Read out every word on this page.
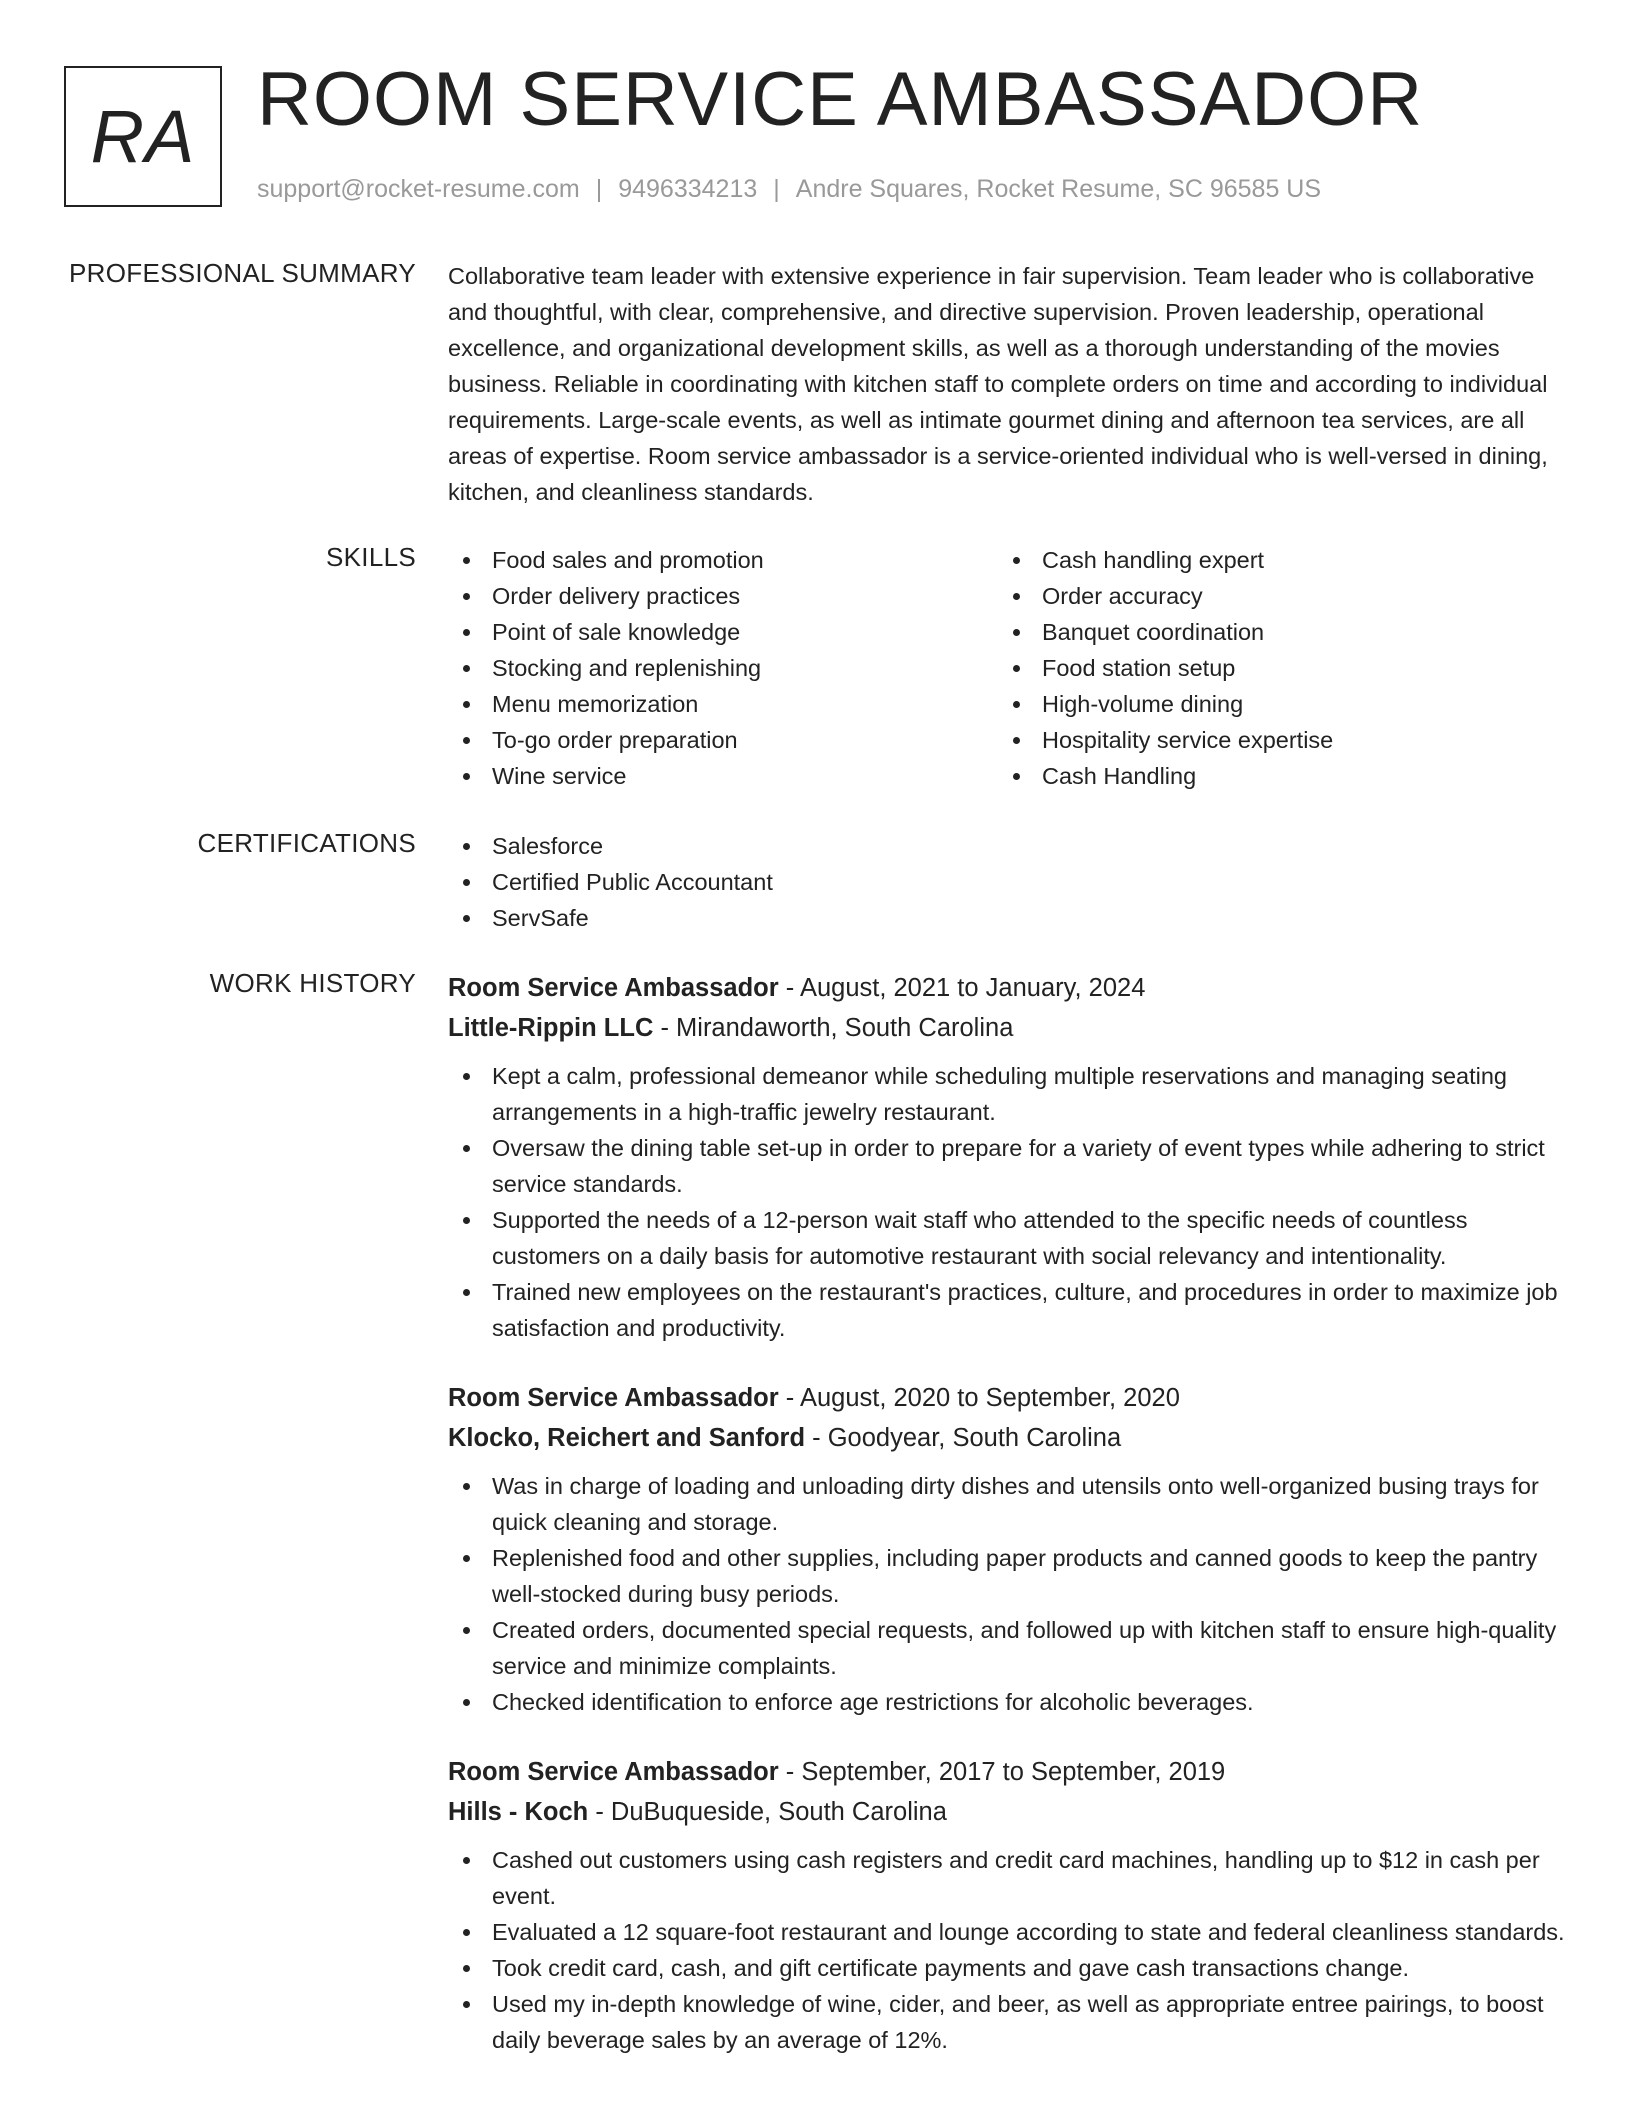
RA ROOM SERVICE AMBASSADOR
support@rocket-resume.com | 9496334213 | Andre Squares, Rocket Resume, SC 96585 US
PROFESSIONAL SUMMARY Collaborative team leader with extensive experience in fair supervision. Team leader who is collaborative and thoughtful, with clear, comprehensive, and directive supervision. Proven leadership, operational excellence, and organizational development skills, as well as a thorough understanding of the movies business. Reliable in coordinating with kitchen staff to complete orders on time and according to individual requirements. Large-scale events, as well as intimate gourmet dining and afternoon tea services, are all areas of expertise. Room service ambassador is a service-oriented individual who is well-versed in dining, kitchen, and cleanliness standards.

SKILLS	Food sales and promotion
Order delivery practices
Point of sale knowledge
Stocking and replenishing
Menu memorization
To-go order preparation
Wine service
Cash handling expert
Order accuracy
Banquet coordination
Food station setup
High-volume dining
Hospitality service expertise
Cash Handling
CERTIFICATIONS	Salesforce
Certified Public Accountant
ServSafe
WORK HISTORY Room Service Ambassador - August, 2021 to January, 2024
Little-Rippin LLC - Mirandaworth, South Carolina
Kept a calm, professional demeanor while scheduling multiple reservations and managing seating arrangements in a high-traffic jewelry restaurant.
Oversaw the dining table set-up in order to prepare for a variety of event types while adhering to strict service standards.
Supported the needs of a 12-person wait staff who attended to the specific needs of countless customers on a daily basis for automotive restaurant with social relevancy and intentionality.
Trained new employees on the restaurant's practices, culture, and procedures in order to maximize job satisfaction and productivity.
Room Service Ambassador - August, 2020 to September, 2020
Klocko, Reichert and Sanford - Goodyear, South Carolina
Was in charge of loading and unloading dirty dishes and utensils onto well-organized busing trays for quick cleaning and storage.
Replenished food and other supplies, including paper products and canned goods to keep the pantry well-stocked during busy periods.
Created orders, documented special requests, and followed up with kitchen staff to ensure high-quality service and minimize complaints.
Checked identification to enforce age restrictions for alcoholic beverages.
Room Service Ambassador - September, 2017 to September, 2019
Hills - Koch - DuBuqueside, South Carolina
Cashed out customers using cash registers and credit card machines, handling up to $12 in cash per event.
Evaluated a 12 square-foot restaurant and lounge according to state and federal cleanliness standards.
Took credit card, cash, and gift certificate payments and gave cash transactions change.
Used my in-depth knowledge of wine, cider, and beer, as well as appropriate entree pairings, to boost daily beverage sales by an average of 12%.
